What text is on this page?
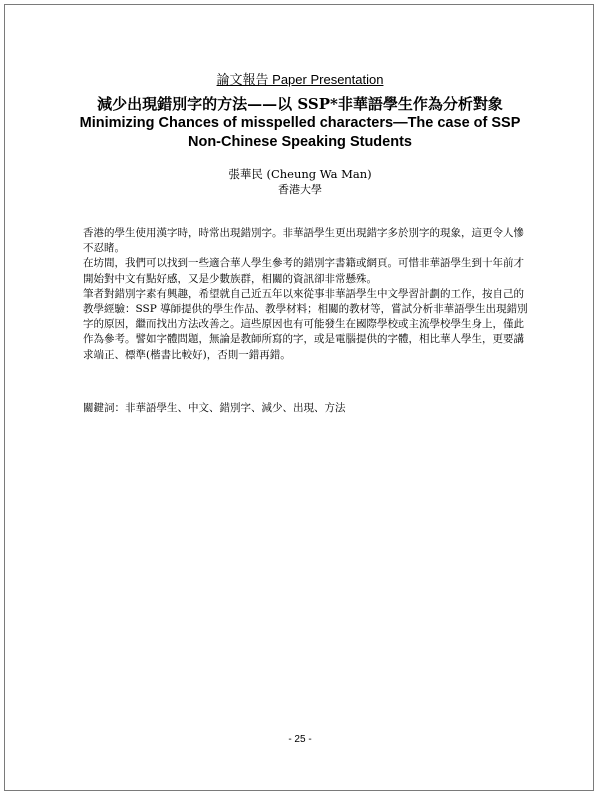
論文報告 Paper Presentation
減少出現錯別字的方法——以 SSP*非華語學生作為分析對象
Minimizing Chances of misspelled characters—The case of SSP
Non-Chinese Speaking Students
張華民 (Cheung Wa Man)
香港大學

香港的學生使用漢字時，時常出現錯別字。非華語學生更出現錯字多於別字的現象，這更令人慘不忍睹。

在坊間，我們可以找到一些適合華人學生參考的錯別字書籍或網頁。可惜非華語學生到十年前才開始對中文有點好感，又是少數族群，相關的資訊卻非常懸殊。

筆者對錯別字素有興趣，希望就自己近五年以來從事非華語學生中文學習計劃的工作，按自己的教學經驗：SSP 導師提供的學生作品、教學材料；相關的教材等，嘗試分析非華語學生出現錯別字的原因，繼而找出方法改善之。這些原因也有可能發生在國際學校或主流學校學生身上，僅此作為參考。譬如字體問題，無論是教師所寫的字，或是電腦提供的字體，相比華人學生，更要講求端正、標準(楷書比較好)，否則一錯再錯。

關鍵詞：非華語學生、中文、錯別字、減少、出現、方法
- 25 -
